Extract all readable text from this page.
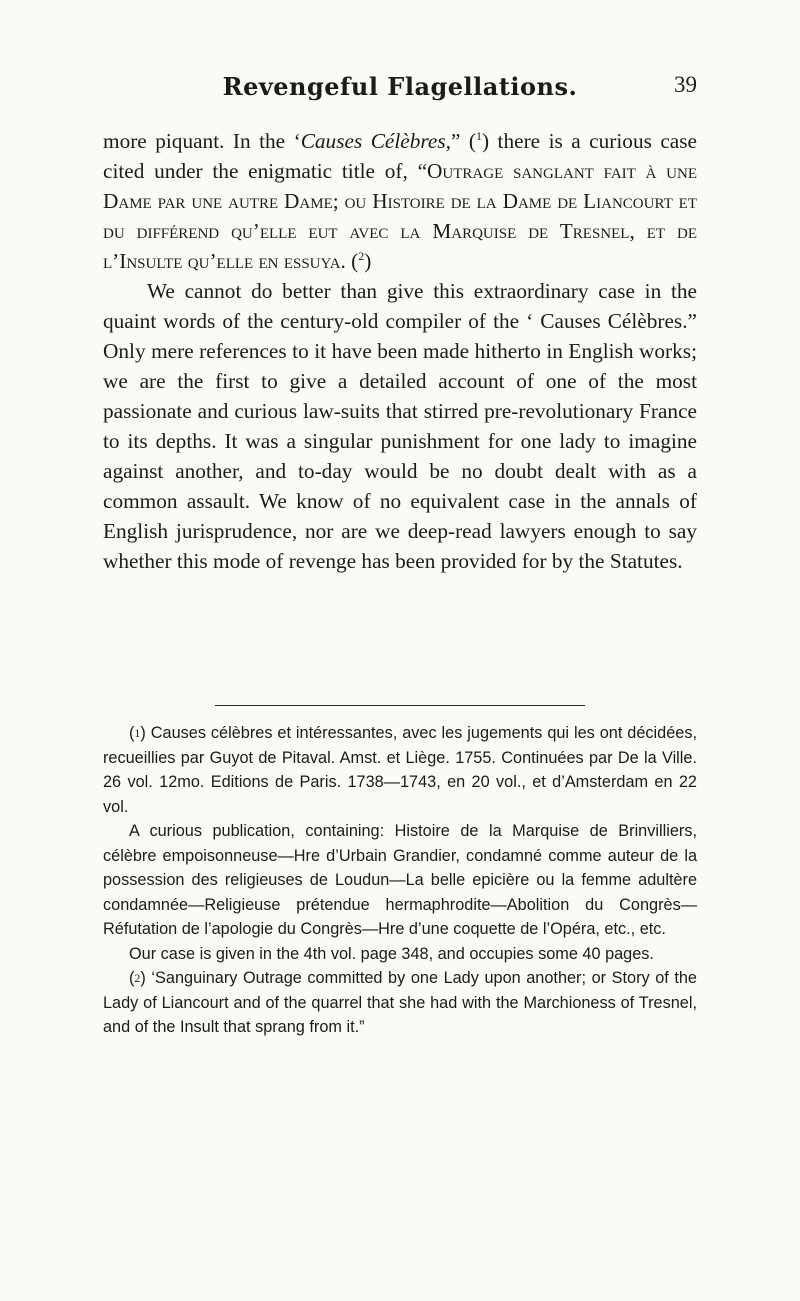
Revengeful Flagellations.	39

more piquant. In the ‘Causes Célèbres,” ($^1$) there is a curious case cited under the enigmatic title of, “Outrage sanglant fait à une Dame par une autre Dame; ou Histoire de la Dame de Liancourt et du différend qu’elle eut avec la Marquise de Tresnel, et de l’Insulte qu’elle en essuya. ($^2$)

We cannot do better than give this extraordinary case in the quaint words of the century-old compiler of the ‘ Causes Célèbres.” Only mere references to it have been made hitherto in English works; we are the first to give a detailed account of one of the most passionate and curious law-suits that stirred pre-revolutionary France to its depths. It was a singular punishment for one lady to imagine against another, and to-day would be no doubt dealt with as a common assault. We know of no equivalent case in the annals of English jurisprudence, nor are we deep-read lawyers enough to say whether this mode of revenge has been provided for by the Statutes.

($^1$) Causes célèbres et intéressantes, avec les jugements qui les ont décidées, recueillies par Guyot de Pitaval. Amst. et Liège. 1755. Continuées par De la Ville. 26 vol. 12mo. Editions de Paris. 1738—1743, en 20 vol., et d’Amsterdam en 22 vol.

A curious publication, containing: Histoire de la Marquise de Brinvilliers, célèbre empoisonneuse—Hre d’Urbain Grandier, condamné comme auteur de la possession des religieuses de Loudun—La belle epicière ou la femme adultère condamnée—Religieuse prétendue hermaphrodite—Abolition du Congrès—Réfutation de l’apologie du Congrès—Hre d’une coquette de l’Opéra, etc., etc.

Our case is given in the 4th vol. page 348, and occupies some 40 pages.

($^2$) ‘Sanguinary Outrage committed by one Lady upon another; or Story of the Lady of Liancourt and of the quarrel that she had with the Marchioness of Tresnel, and of the Insult that sprang from it.”
